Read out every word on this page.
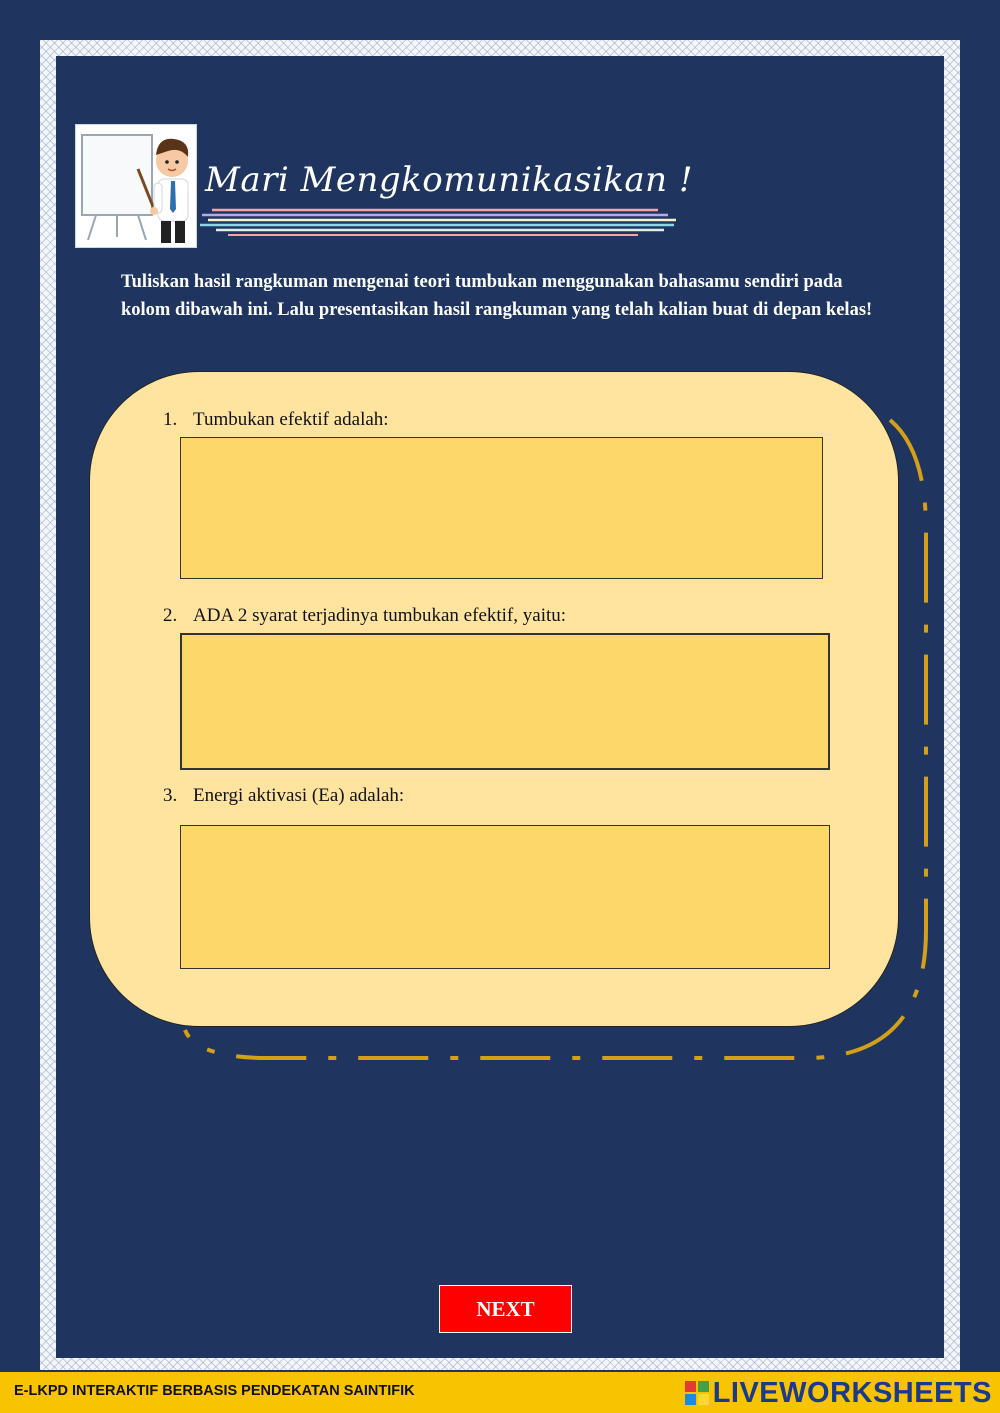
Mari Mengkomunikasikan !
Tuliskan hasil rangkuman mengenai teori tumbukan menggunakan bahasamu sendiri pada kolom dibawah ini. Lalu presentasikan hasil rangkuman yang telah kalian buat di depan kelas!
1. Tumbukan efektif adalah:
2. ADA 2 syarat terjadinya tumbukan efektif, yaitu:
3. Energi aktivasi (Ea) adalah:
NEXT
E-LKPD INTERAKTIF BERBASIS PENDEKATAN SAINTIFIK	LIVEWORKSHEETS
